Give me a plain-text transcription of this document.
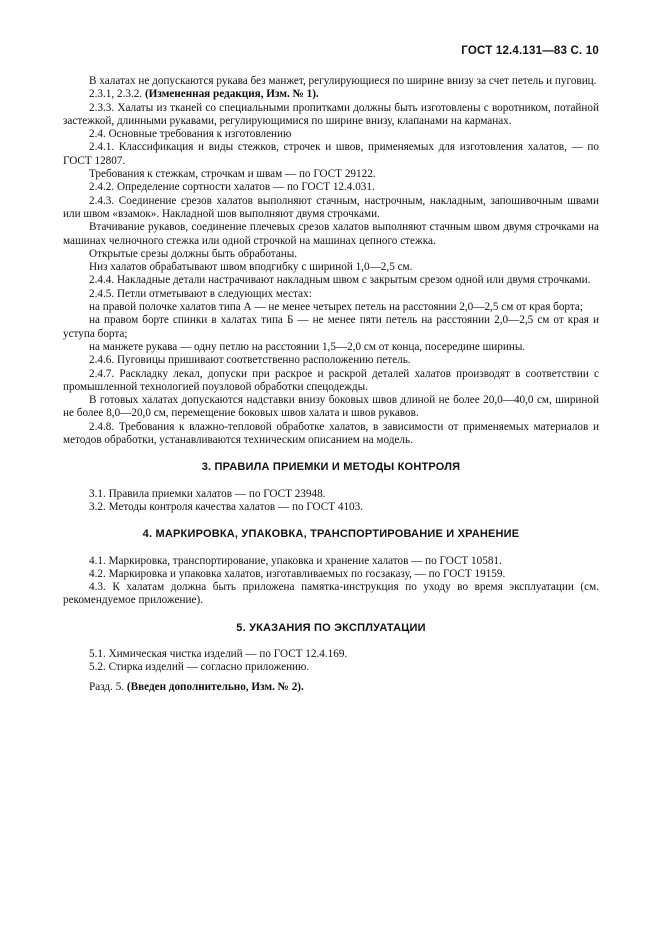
ГОСТ 12.4.131—83 С. 10

В халатах не допускаются рукава без манжет, регулирующиеся по ширине внизу за счет петель и пуговиц.

2.3.1, 2.3.2. (Измененная редакция, Изм. № 1).

2.3.3. Халаты из тканей со специальными пропитками должны быть изготовлены с воротником, потайной застежкой, длинными рукавами, регулирующимися по ширине внизу, клапанами на карманах.

2.4. Основные требования к изготовлению

2.4.1. Классификация и виды стежков, строчек и швов, применяемых для изготовления халатов, — по ГОСТ 12807.

Требования к стежкам, строчкам и швам — по ГОСТ 29122.

2.4.2. Определение сортности халатов — по ГОСТ 12.4.031.

2.4.3. Соединение срезов халатов выполняют стачным, настрочным, накладным, запошивочным швами или швом «взамок». Накладной шов выполняют двумя строчками.

Втачивание рукавов, соединение плечевых срезов халатов выполняют стачным швом двумя строчками на машинах челночного стежка или одной строчкой на машинах цепного стежка.

Открытые срезы должны быть обработаны.

Низ халатов обрабатывают швом вподгибку с шириной 1,0—2,5 см.

2.4.4. Накладные детали настрачивают накладным швом с закрытым срезом одной или двумя строчками.

2.4.5. Петли отметывают в следующих местах:

на правой полочке халатов типа А — не менее четырех петель на расстоянии 2,0—2,5 см от края борта;

на правом борте спинки в халатах типа Б — не менее пяти петель на расстоянии 2,0—2,5 см от края и уступа борта;

на манжете рукава — одну петлю на расстоянии 1,5—2,0 см от конца, посередине ширины.

2.4.6. Пуговицы пришивают соответственно расположению петель.

2.4.7. Раскладку лекал, допуски при раскрое и раскрой деталей халатов производят в соответствии с промышленной технологией поузловой обработки спецодежды.

В готовых халатах допускаются надставки внизу боковых швов длиной не более 20,0—40,0 см, шириной не более 8,0—20,0 см, перемещение боковых швов халата и швов рукавов.

2.4.8. Требования к влажно-тепловой обработке халатов, в зависимости от применяемых материалов и методов обработки, устанавливаются техническим описанием на модель.

3. ПРАВИЛА ПРИЕМКИ И МЕТОДЫ КОНТРОЛЯ

3.1. Правила приемки халатов — по ГОСТ 23948.

3.2. Методы контроля качества халатов — по ГОСТ 4103.

4. МАРКИРОВКА, УПАКОВКА, ТРАНСПОРТИРОВАНИЕ И ХРАНЕНИЕ

4.1. Маркировка, транспортирование, упаковка и хранение халатов — по ГОСТ 10581.

4.2. Маркировка и упаковка халатов, изготавливаемых по госзаказу, — по ГОСТ 19159.

4.3. К халатам должна быть приложена памятка-инструкция по уходу во время эксплуатации (см. рекомендуемое приложение).

5. УКАЗАНИЯ ПО ЭКСПЛУАТАЦИИ

5.1. Химическая чистка изделий — по ГОСТ 12.4.169.

5.2. Стирка изделий — согласно приложению.

Разд. 5. (Введен дополнительно, Изм. № 2).
